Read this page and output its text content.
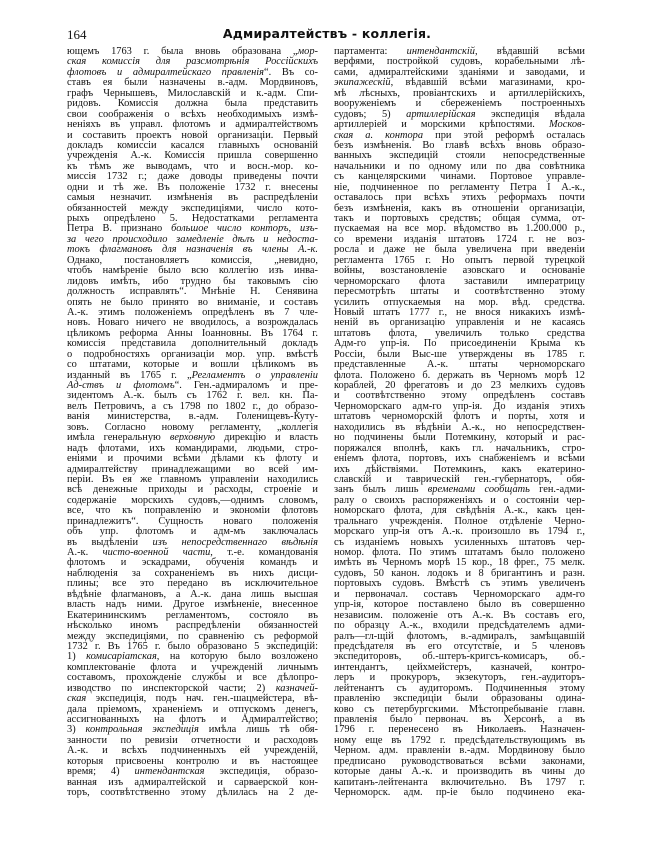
164	Адмиралтействъ - коллегія.
ющемъ 1763 г. была вновь образована „мор-
ская комиссія для разсмотрѣнія Россійскихъ
флотовъ и адмиралтейскаго правленія“. Въ со-
ставъ ея были назначены в.-адм. Мордвиновъ,
графъ Чернышевъ, Милославскій и к.-адм. Спи-
ридовъ. Комиссія должна была представить
свои соображенія о всѣхъ необходимыхъ измѣ-
неніяхъ въ управл. флотомъ и адмиралтействомъ
и составить проектъ новой организаціи. Первый
докладъ комиссіи касался главныхъ основаній
учрежденія А.-к. Комиссія пришла совершенно
къ тѣмъ же выводамъ, что и восн.-мор. ко-
миссія 1732 г.; даже доводы приведены почти
одни и тѣ же. Въ положеніе 1732 г. внесены
самыя незначит. измѣненія въ распредѣленіи
обязанностей между экспедиціями, число кото-
рыхъ опредѣлено 5. Недостатками регламента
Петра В. признано большое число конторъ, изъ-
за чего происходило замедленіе дѣлъ и недоста-
токъ флагмановъ для назначенія въ члены А.-к.
Однако, постановляетъ комиссія, „невидно,
чтобъ намѣреніе было всю коллегію изъ инва-
лидовъ имѣть, ибо трудно бы таковымъ сію
должность исправлять“. Мнѣніе Н. Сенявина
опять не было принято во вниманіе, и составъ
А.-к. этимъ положеніемъ опредѣленъ въ 7 чле-
новъ. Новаго ничего не вводилось, а возрождалась
цѣликомъ реформа Анны Іоанновны. Въ 1764 г.
комиссія представила дополнительный докладъ
о подробностяхъ организаціи мор. упр. вмѣстѣ
со штатами, которые и вошли цѣликомъ въ
изданный въ 1765 г. „Регламентъ о управленіи
Ад-ствъ и флотомъ“. Ген.-адмираломъ и пре-
зидентомъ А.-к. былъ съ 1762 г. вел. кн. Па-
велъ Петровичъ, а съ 1798 по 1802 г., до образо-
ванія министерства, в.-адм. Голенищевъ-Куту-
зовъ. Согласно новому регламенту, „коллегія
имѣла генеральную верховную дирекцію и власть
надъ флотами, ихъ командирами, людьми, стро-
еніями и прочими всѣми дѣлами къ флоту и
адмиралтейству принадлежащими во всей им-
періи. Въ ея же главномъ управленіи находились
всѣ денежные приходы и расходы, строеніе и
содержаніе морскихъ судовъ,—однимъ словомъ,
все, что къ поправленію и экономіи флотовъ
принадлежитъ“. Сущность новаго положенія
объ упр. флотомъ и адм-мъ заключалась
въ выдѣленіи изъ непосредственнаго вѣдѣнія
А.-к. чисто-военной части, т.-е. командованія
флотомъ и эскадрами, обученія командъ и
наблюденія за сохраненіемъ въ нихъ дисци-
плины; все это передано въ исключительное
вѣдѣніе флагмановъ, а А.-к. дана лишь высшая
власть надъ ними. Другое измѣненіе, внесенное
Екатерининскимъ регламентомъ, состояло въ
нѣсколько иномъ распредѣленіи обязанностей
между экспедиціями, по сравненію съ реформой
1732 г. Въ 1765 г. было образовано 5 экспедицій:
1) комисаріатская, на которую было возложено
комплектованіе флота и учрежденій личнымъ
составомъ, прохожденіе службы и все дѣлопро-
изводство по инспекторской части; 2) казначей-
ская экспедиція, подъ нач. ген.-шацмейстера, вѣ-
дала пріемомъ, храненіемъ и отпускомъ денегъ,
ассигнованныхъ на флотъ и Адмиралтейство;
3) контрольная экспедиція имѣла лишь тѣ обя-
занности по ревизіи отчетности и расходовъ
А.-к. и всѣхъ подчиненныхъ ей учрежденій,
которыя присвоены контролю и въ настоящее
время; 4) интендантская экспедиція, образо-
ванная изъ адмиралтейской и сарваерской кон-
торъ, соотвѣтственно этому дѣлилась на 2 де-
партамента: интендантскій, вѣдавшій всѣми
верфями, постройкой судовъ, корабельными лѣ-
сами, адмиралтейскими зданіями и заводами, и
экипажескій, вѣдавшій всѣми магазинами, кро-
мѣ лѣсныхъ, провіантскихъ и артиллерійскихъ,
вооруженіемъ и сбереженіемъ построенныхъ
судовъ; 5) артиллерійская экспедиція вѣдала
артиллеріей и морскими крѣпостями. Москов-
ская а. контора при этой реформѣ осталась
безъ измѣненія. Во главѣ всѣхъ вновь образо-
ванныхъ экспедицій стояли непосредственные
начальники и по одному или по два совѣтника
съ канцелярскими чинами. Портовое управле-
ніе, подчиненное по регламенту Петра I А.-к.,
оставалось при всѣхъ этихъ реформахъ почти
безъ измѣненія, какъ въ отношеніи организаціи,
такъ и портовыхъ средствъ; общая сумма, от-
пускаемая на все мор. вѣдомство въ 1.200.000 р.,
со времени изданія штатовъ 1724 г. не воз-
росла и даже не была увеличена при введеніи
регламента 1765 г. Но опытъ первой турецкой
войны, возстановленіе азовскаго и основаніе
черноморскаго флота заставили императрицу
пересмотрѣть штаты и соотвѣтственно этому
усилить отпускаемыя на мор. вѣд. средства.
Новый штатъ 1777 г., не внося никакихъ измѣ-
неній въ организацію управленія и не касаясь
штатовъ флота, увеличилъ только средства
Адм-го упр-ія. По присоединеніи Крыма къ
Россіи, были Выс-ше утверждены въ 1785 г.
представленные А.-к. штаты черноморскаго
флота. Положено б. держать въ Черномъ морѣ 12
кораблей, 20 фрегатовъ и до 23 мелкихъ судовъ
и соотвѣтственно этому опредѣленъ составъ
Черноморскаго адм-го упр-ія. До изданія этихъ
штатовъ черноморскій флотъ и порты, хотя и
находились въ вѣдѣніи А.-к., но непосредствен-
но подчинены были Потемкину, который и рас-
поряжался вполнѣ, какъ гл. начальникъ, стро-
еніемъ флота, портовъ, ихъ снабженіемъ и всѣми
ихъ дѣйствіями. Потемкинъ, какъ екатерино-
славскій и таврическій ген.-губернаторъ, обя-
занъ былъ лишь временами сообщать ген.-адми-
ралу о своихъ распоряженіяхъ и о состояніи чер-
номорскаго флота, для свѣдѣнія А.-к., какъ цен-
тральнаго учрежденія. Полное отдѣленіе Черно-
морскаго упр-ія отъ А.-к. произошло въ 1794 г.,
съ изданіемъ новыхъ усиленныхъ штатовъ чер-
номор. флота. По этимъ штатамъ было положено
имѣть въ Черномъ морѣ 15 кор., 18 фрег., 75 мелк.
судовъ, 50 канон. лодокъ и 8 бригантинъ и разн.
портовыхъ судовъ. Вмѣстѣ съ этимъ увеличенъ
и первоначал. составъ Черноморскаго адм-го
упр-ія, которое поставлено было въ совершенно
независим. положеніе отъ А.-к. Въ составъ его,
по образцу А.-к., входили предсѣдателемъ адми-
ралъ—гл-щій флотомъ, в.-адмиралъ, замѣщавшій
предсѣдателя въ его отсутствіе, и 5 членовъ
экспедиторовъ, об.-штеръ-кригсъ-комисаръ, об.-
интендантъ, цейхмейстеръ, казначей, контро-
леръ и прокуроръ, экзекуторъ, ген.-аудиторъ-
лейтенантъ съ аудиторомъ. Подчиненныя этому
правленію экспедиціи были образованы одина-
ково съ петербургскими. Мѣстопребываніе главн.
правленія было первонач. въ Херсонѣ, а въ
1796 г. перенесено въ Николаевъ. Назначен-
ному еще въ 1792 г. предсѣдательствующимъ въ
Черном. адм. правленіи в.-адм. Мордвинову было
предписано руководствоваться всѣми законами,
которые даны А.-к. и производить въ чины до
капитанъ-лейтенанта включительно. Въ 1797 г.
Черноморск. адм. пр-іе было подчинено ека-
